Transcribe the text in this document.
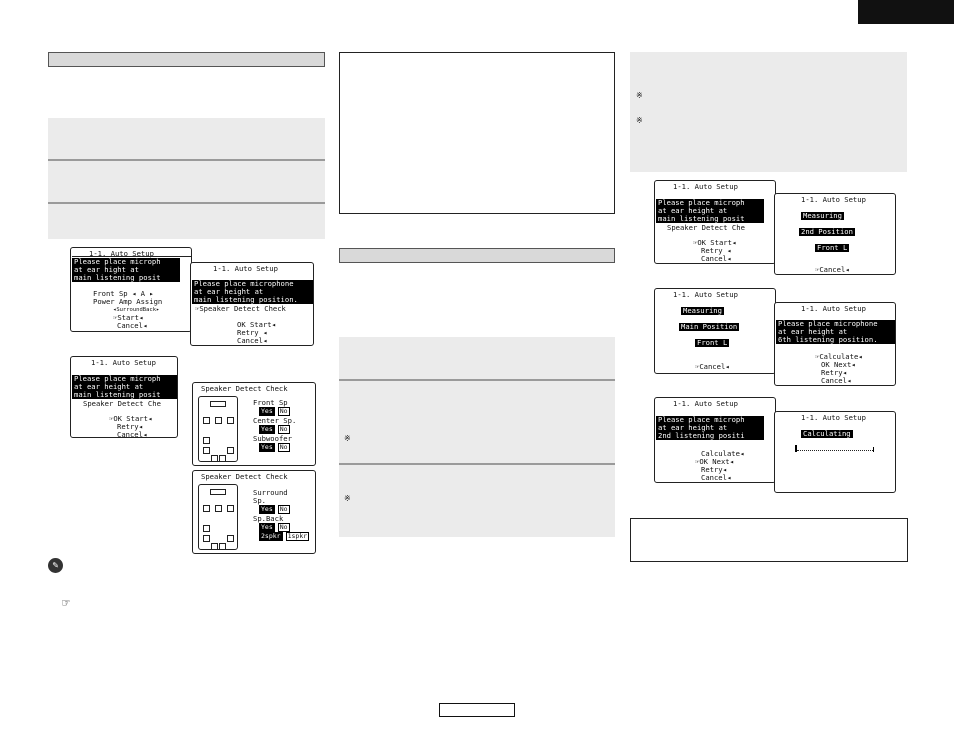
1-1. Auto Setup

Please place microph

at ear hight at

main listening posit

Front Sp ◂ A ▸

Power Amp Assign

◂SurroundBack▸

☞Start◂

Cancel◂

1-1. Auto Setup

Please place microphone

at ear height at

main listening position.

☞Speaker Detect Check

OK Start◂

Retry ◂

Cancel◂

1-1. Auto Setup

Please place microph

at ear height at

main listening posit

Speaker Detect Che

☞OK Start◂

Retry◂

Cancel◂

Speaker Detect Check

Front Sp

Yes No

Center Sp.

Yes No

Subwoofer

Yes No

Speaker Detect Check

Surround

Sp.

Yes No

Sp.Back

Yes No

2spkr 1spkr

✎
☞
※
※
※
※

1-1. Auto Setup

Please place microph

at ear height at

main listening posit

Speaker Detect Che

☞OK Start◂

Retry ◂

Cancel◂

1-1. Auto Setup

Measuring

2nd Position

Front L

☞Cancel◂

1-1. Auto Setup

Measuring

Main Position

Front L

☞Cancel◂

1-1. Auto Setup

Please place microphone

at ear height at

6th listening position.

☞Calculate◂

OK Next◂

Retry◂

Cancel◂

1-1. Auto Setup

Please place microph

at ear height at

2nd listening positi

Calculate◂

☞OK Next◂

Retry◂

Cancel◂

1-1. Auto Setup

Calculating
